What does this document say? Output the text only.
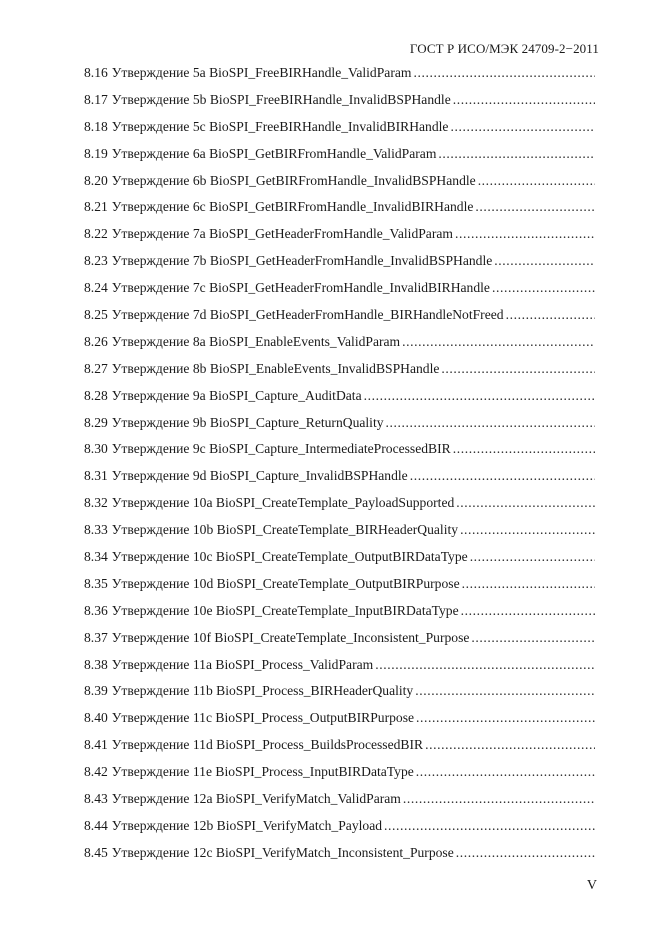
ГОСТ Р ИСО/МЭК 24709-2−2011
8.16 Утверждение 5a BioSPI_FreeBIRHandle_ValidParam
.....
8.17 Утверждение 5b BioSPI_FreeBIRHandle_InvalidBSPHandle
.....
8.18 Утверждение 5c BioSPI_FreeBIRHandle_InvalidBIRHandle
.....
8.19 Утверждение 6a BioSPI_GetBIRFromHandle_ValidParam
.....
8.20 Утверждение 6b BioSPI_GetBIRFromHandle_InvalidBSPHandle
.....
8.21 Утверждение 6c BioSPI_GetBIRFromHandle_InvalidBIRHandle
.....
8.22 Утверждение 7a BioSPI_GetHeaderFromHandle_ValidParam
.....
8.23 Утверждение 7b BioSPI_GetHeaderFromHandle_InvalidBSPHandle
.....
8.24 Утверждение 7c BioSPI_GetHeaderFromHandle_InvalidBIRHandle
.....
8.25 Утверждение 7d BioSPI_GetHeaderFromHandle_BIRHandleNotFreed
.....
8.26 Утверждение 8a BioSPI_EnableEvents_ValidParam
.....
8.27 Утверждение 8b BioSPI_EnableEvents_InvalidBSPHandle
.....
8.28 Утверждение 9a BioSPI_Capture_AuditData
.....
8.29 Утверждение 9b BioSPI_Capture_ReturnQuality
.....
8.30 Утверждение 9c BioSPI_Capture_IntermediateProcessedBIR
.....
8.31 Утверждение 9d BioSPI_Capture_InvalidBSPHandle
.....
8.32 Утверждение 10a BioSPI_CreateTemplate_PayloadSupported
.....
8.33 Утверждение 10b BioSPI_CreateTemplate_BIRHeaderQuality
.....
8.34 Утверждение 10c BioSPI_CreateTemplate_OutputBIRDataType
.....
8.35 Утверждение 10d BioSPI_CreateTemplate_OutputBIRPurpose
.....
8.36 Утверждение 10e BioSPI_CreateTemplate_InputBIRDataType
.....
8.37 Утверждение 10f BioSPI_CreateTemplate_Inconsistent_Purpose
.....
8.38 Утверждение 11a BioSPI_Process_ValidParam
.....
8.39 Утверждение 11b BioSPI_Process_BIRHeaderQuality
.....
8.40 Утверждение 11c BioSPI_Process_OutputBIRPurpose
.....
8.41 Утверждение 11d BioSPI_Process_BuildsProcessedBIR
.....
8.42 Утверждение 11e BioSPI_Process_InputBIRDataType
.....
8.43 Утверждение 12a BioSPI_VerifyMatch_ValidParam
.....
8.44 Утверждение 12b BioSPI_VerifyMatch_Payload
.....
8.45 Утверждение 12c BioSPI_VerifyMatch_Inconsistent_Purpose
.....
V
